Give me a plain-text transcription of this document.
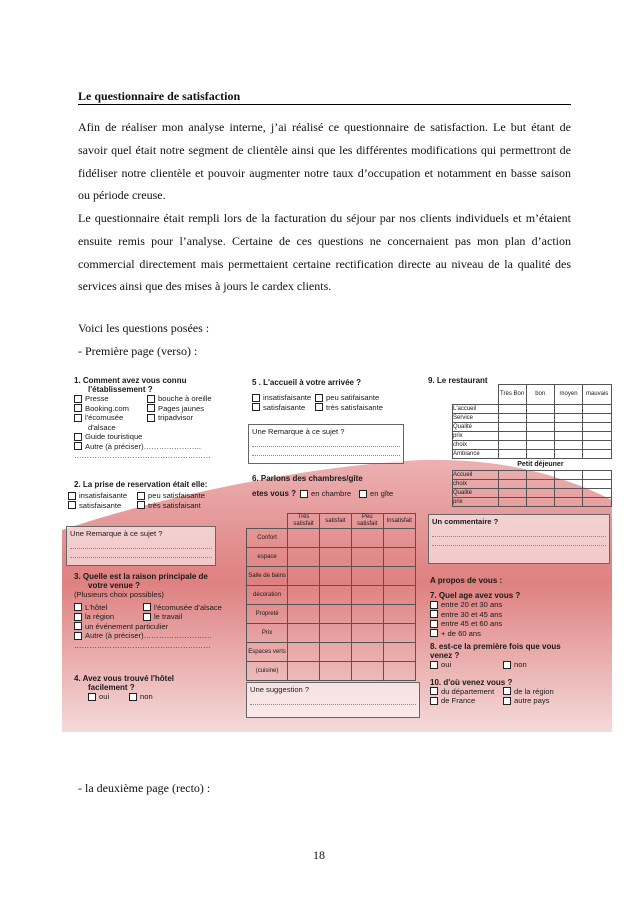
Le questionnaire de satisfaction

Afin de réaliser mon analyse interne, j’ai réalisé ce questionnaire de satisfaction. Le but étant de savoir quel était notre segment de clientèle ainsi que les différentes modifications qui permettront de fidéliser notre clientèle et pouvoir augmenter notre taux d’occupation et notamment en basse saison ou période creuse.

Le questionnaire était rempli lors de la facturation du séjour par nos clients individuels et m’étaient ensuite remis pour l’analyse. Certaine de ces questions ne concernaient pas mon plan d’action commercial directement mais permettaient certaine rectification directe au niveau de la qualité des services ainsi que des mises à jours le cardex clients.

Voici les questions posées :
- Première page (verso) :
1. Comment avez vous connu
l'établissement ?
Presse	bouche à oreille
Booking.com	Pages jaunes
l'écomusée	tripadvisor
d'alsace
Guide touristique
Autre (à préciser)…………………..
………………………………………………
2. La prise de reservation était elle:
insatisfaisante	peu satisfaisante
satisfaisante	très satisfaisant
Une Remarque à ce sujet ?
3. Quelle est la raison principale de
votre venue ?
(Plusieurs choix possibles)
L'hôtel	l'écomusée d'alsace
la région	le travail
un événement particulier
Autre (à préciser)………………………
………………………………………………
4. Avez vous trouvé l'hôtel
facilement ?
oui	non
5 . L'accueil à votre arrivée ?
insatisfaisante	peu satifaisante
satisfaisante	très satisfaisante
Une Remarque à ce sujet ?
6. Parlons des chambres/gîte
etes vous ? en chambre	en gîte
	Très satisfait	satisfait	Peu satisfait	Insatisfait
Confort				
espace				
Salle de bains				
décoration				
Propreté				
Prix				
Espaces verts				
(cuisine)				
Une suggestion ?
9. Le restaurant
	Très Bon	bon	moyen	mauvais
L'accueil				
Service				
Qualité				
prix				
choix				
Ambiance				
	Petit déjeuner			
Accueil				
choix				
Qualité				
prix				
Un commentaire ?
A propos de vous :
7. Quel age avez vous ?
entre 20 et 30 ans
entre 30 et 45 ans
entre 45 et 60 ans
+ de 60 ans
8. est-ce la première fois que vous
venez ?
oui	non
10. d'où venez vous ?
du département	de la région
de France	autre pays
- la deuxième page (recto) :
18
